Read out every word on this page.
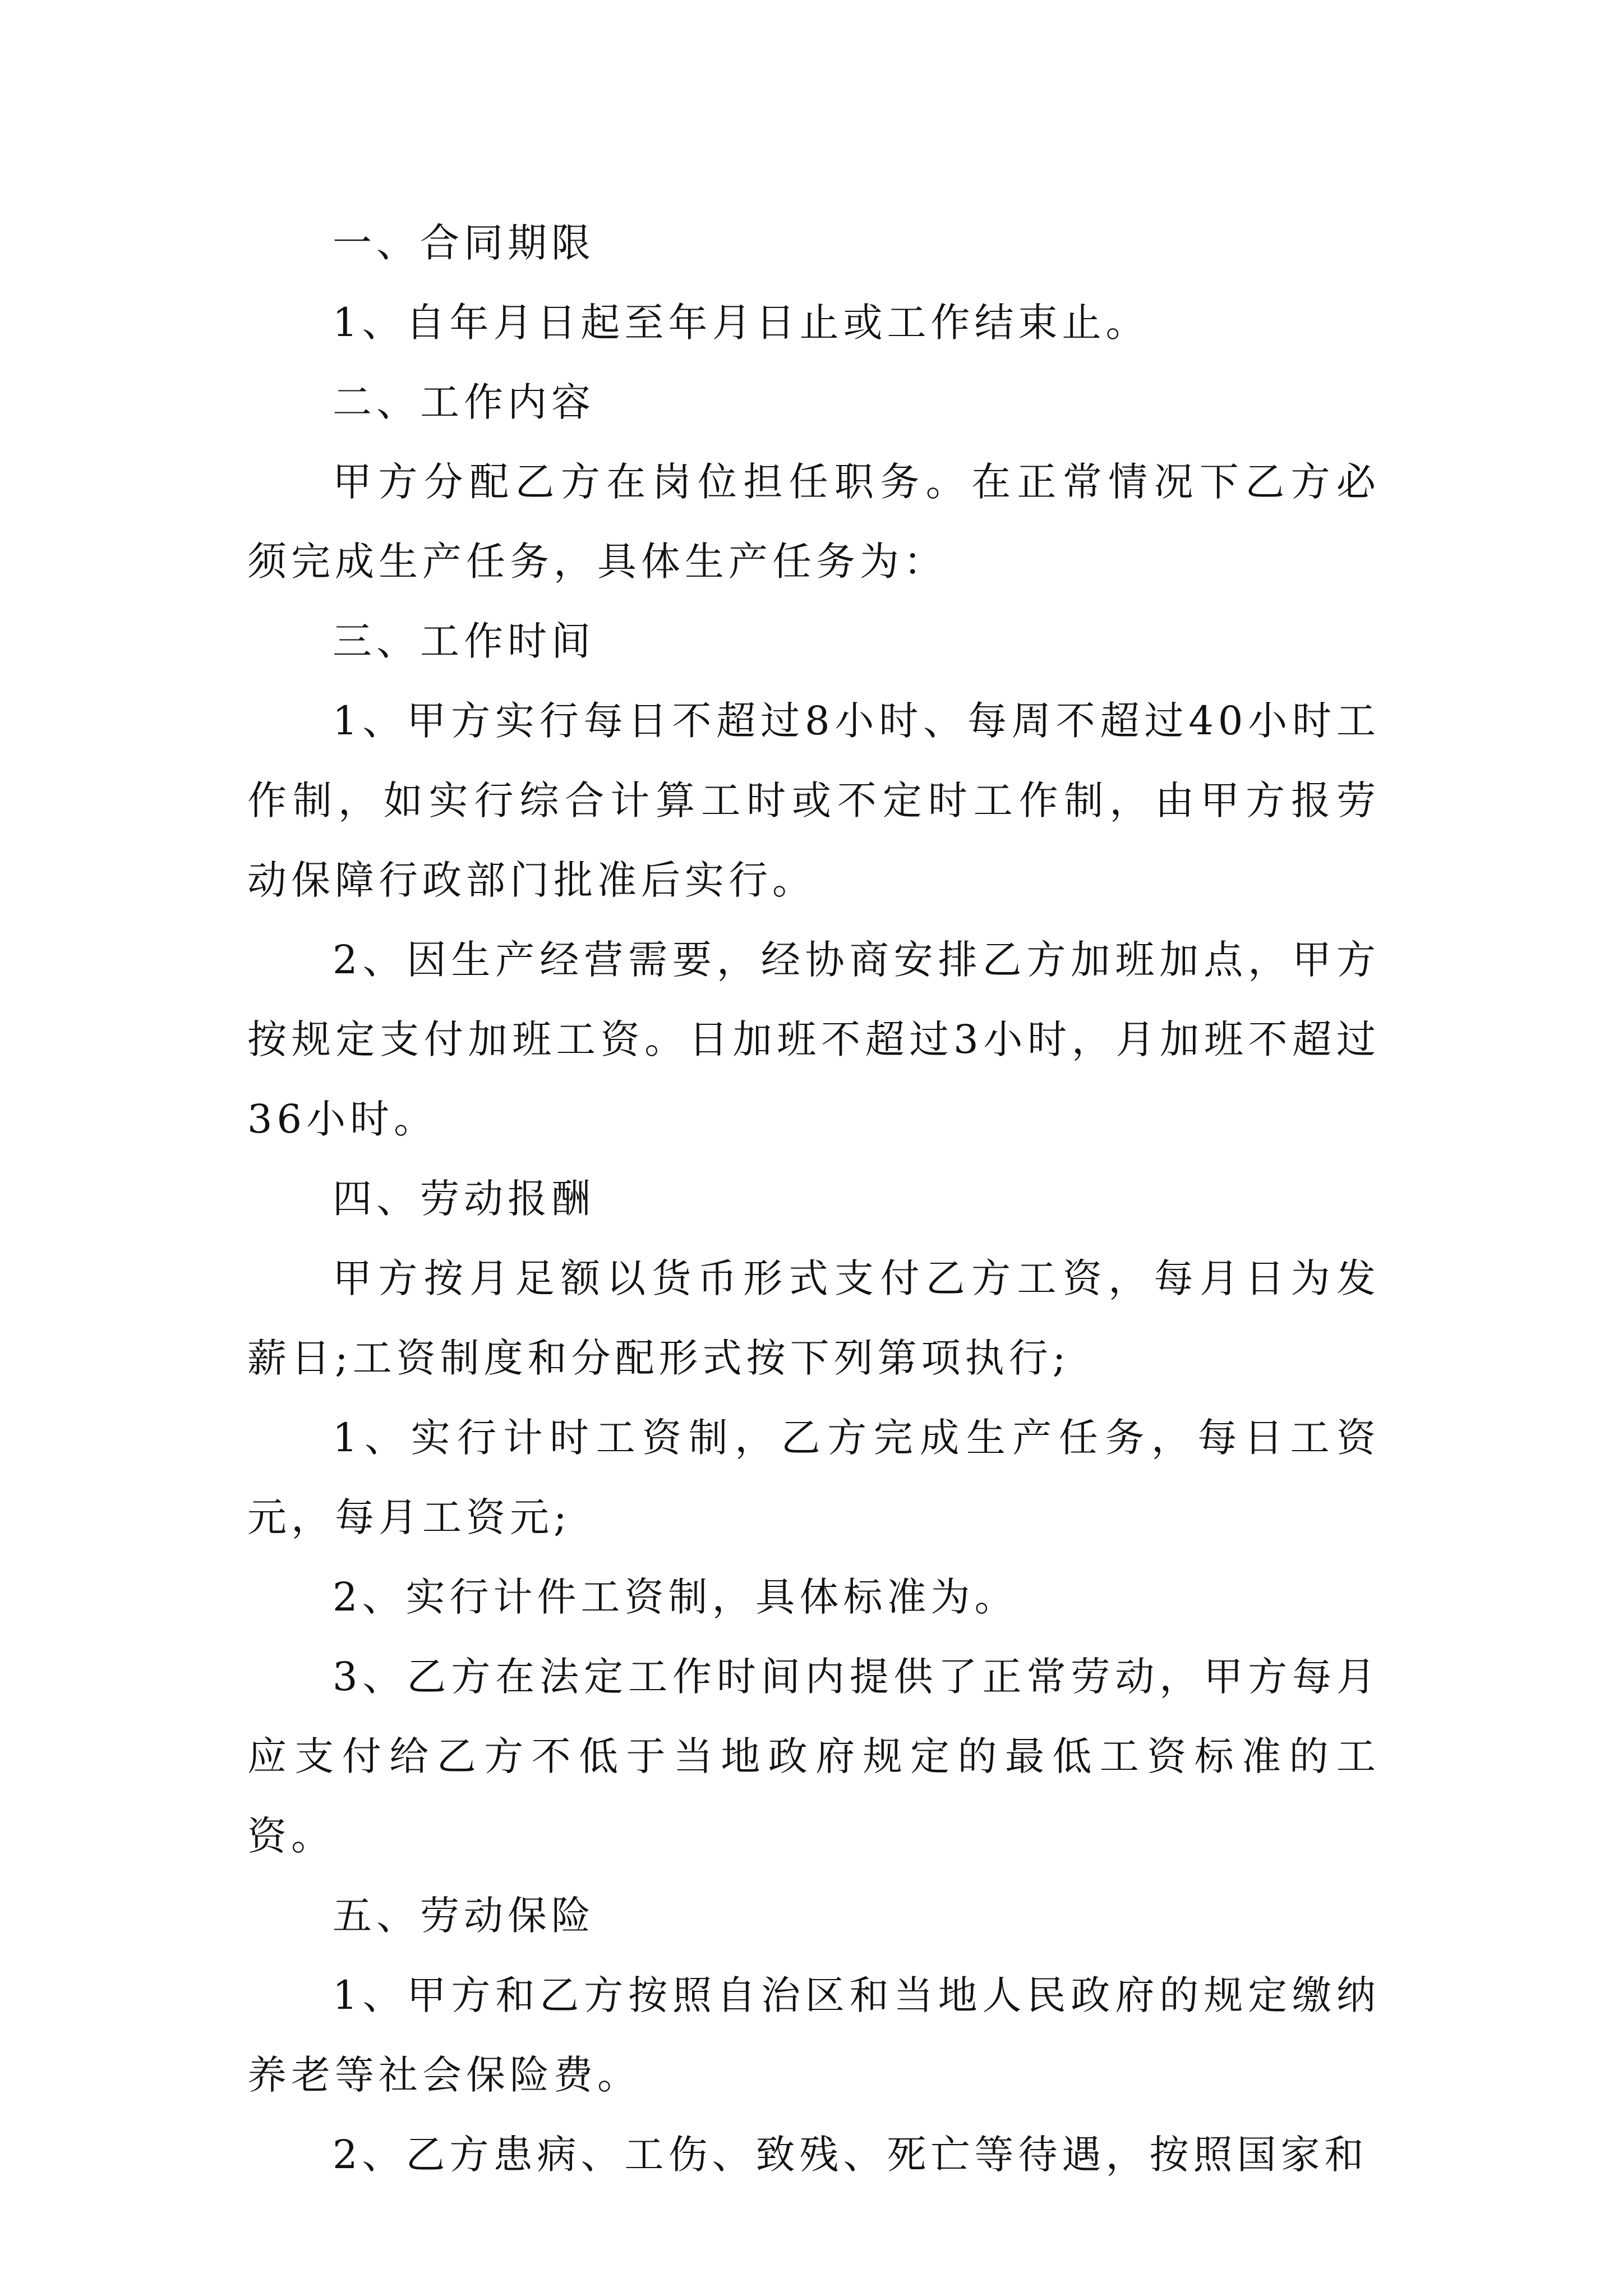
一、合同期限

1、自年月日起至年月日止或工作结束止。

二、工作内容

甲方分配乙方在岗位担任职务。在正常情况下乙方必须完成生产任务，具体生产任务为：

三、工作时间

1、甲方实行每日不超过8小时、每周不超过40小时工作制，如实行综合计算工时或不定时工作制，由甲方报劳动保障行政部门批准后实行。

2、因生产经营需要，经协商安排乙方加班加点，甲方按规定支付加班工资。日加班不超过3小时，月加班不超过36小时。

四、劳动报酬

甲方按月足额以货币形式支付乙方工资，每月日为发薪日;工资制度和分配形式按下列第项执行;

1、实行计时工资制，乙方完成生产任务，每日工资元，每月工资元;

2、实行计件工资制，具体标准为。

3、乙方在法定工作时间内提供了正常劳动，甲方每月应支付给乙方不低于当地政府规定的最低工资标准的工资。

五、劳动保险

1、甲方和乙方按照自治区和当地人民政府的规定缴纳养老等社会保险费。

2、乙方患病、工伤、致残、死亡等待遇，按照国家和
